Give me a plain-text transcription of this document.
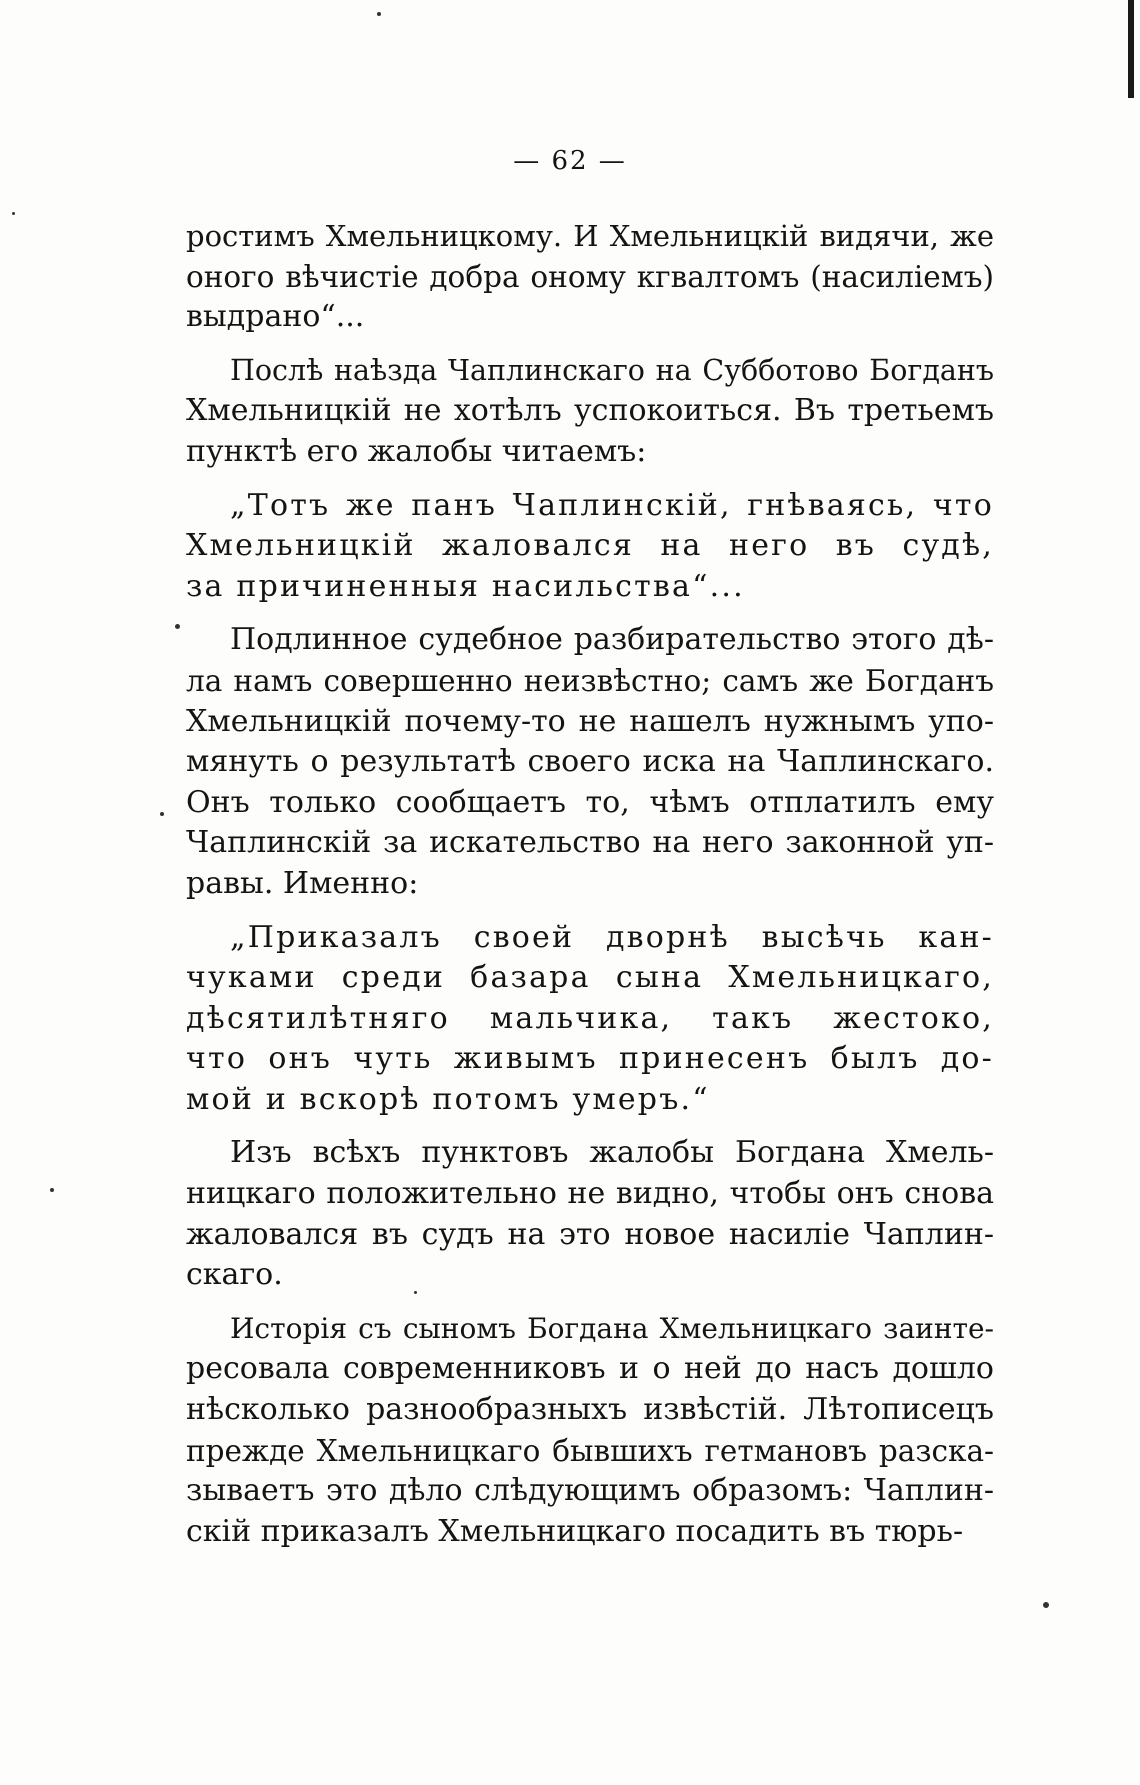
— 62 —
ростимъ Хмельницкому. И Хмельницкій видячи, же
оного вѣчистіе добра оному кгвалтомъ (насиліемъ)
выдрано“...
Послѣ наѣзда Чаплинскаго на Субботово Богданъ
Хмельницкій не хотѣлъ успокоиться. Въ третьемъ
пунктѣ его жалобы читаемъ:
„Тотъ же панъ Чаплинскій, гнѣваясь, что
Хмельницкій жаловался на него въ судѣ,
за причиненныя насильства“...
Подлинное судебное разбирательство этого дѣ-
ла намъ совершенно неизвѣстно; самъ же Богданъ
Хмельницкій почему-то не нашелъ нужнымъ упо-
мянуть о результатѣ своего иска на Чаплинскаго.
Онъ только сообщаетъ то, чѣмъ отплатилъ ему
Чаплинскій за искательство на него законной уп-
равы. Именно:
„Приказалъ своей дворнѣ высѣчь кан-
чуками среди базара сына Хмельницкаго,
дѣсятилѣтняго мальчика, такъ жестоко,
что онъ чуть живымъ принесенъ былъ до-
мой и вскорѣ потомъ умеръ.“
Изъ всѣхъ пунктовъ жалобы Богдана Хмель-
ницкаго положительно не видно, чтобы онъ снова
жаловался въ судъ на это новое насиліе Чаплин-
скаго.
Исторія съ сыномъ Богдана Хмельницкаго заинте-
ресовала современниковъ и о ней до насъ дошло
нѣсколько разнообразныхъ извѣстій. Лѣтописецъ
прежде Хмельницкаго бывшихъ гетмановъ разска-
зываетъ это дѣло слѣдующимъ образомъ: Чаплин-
скій приказалъ Хмельницкаго посадить въ тюрь-
